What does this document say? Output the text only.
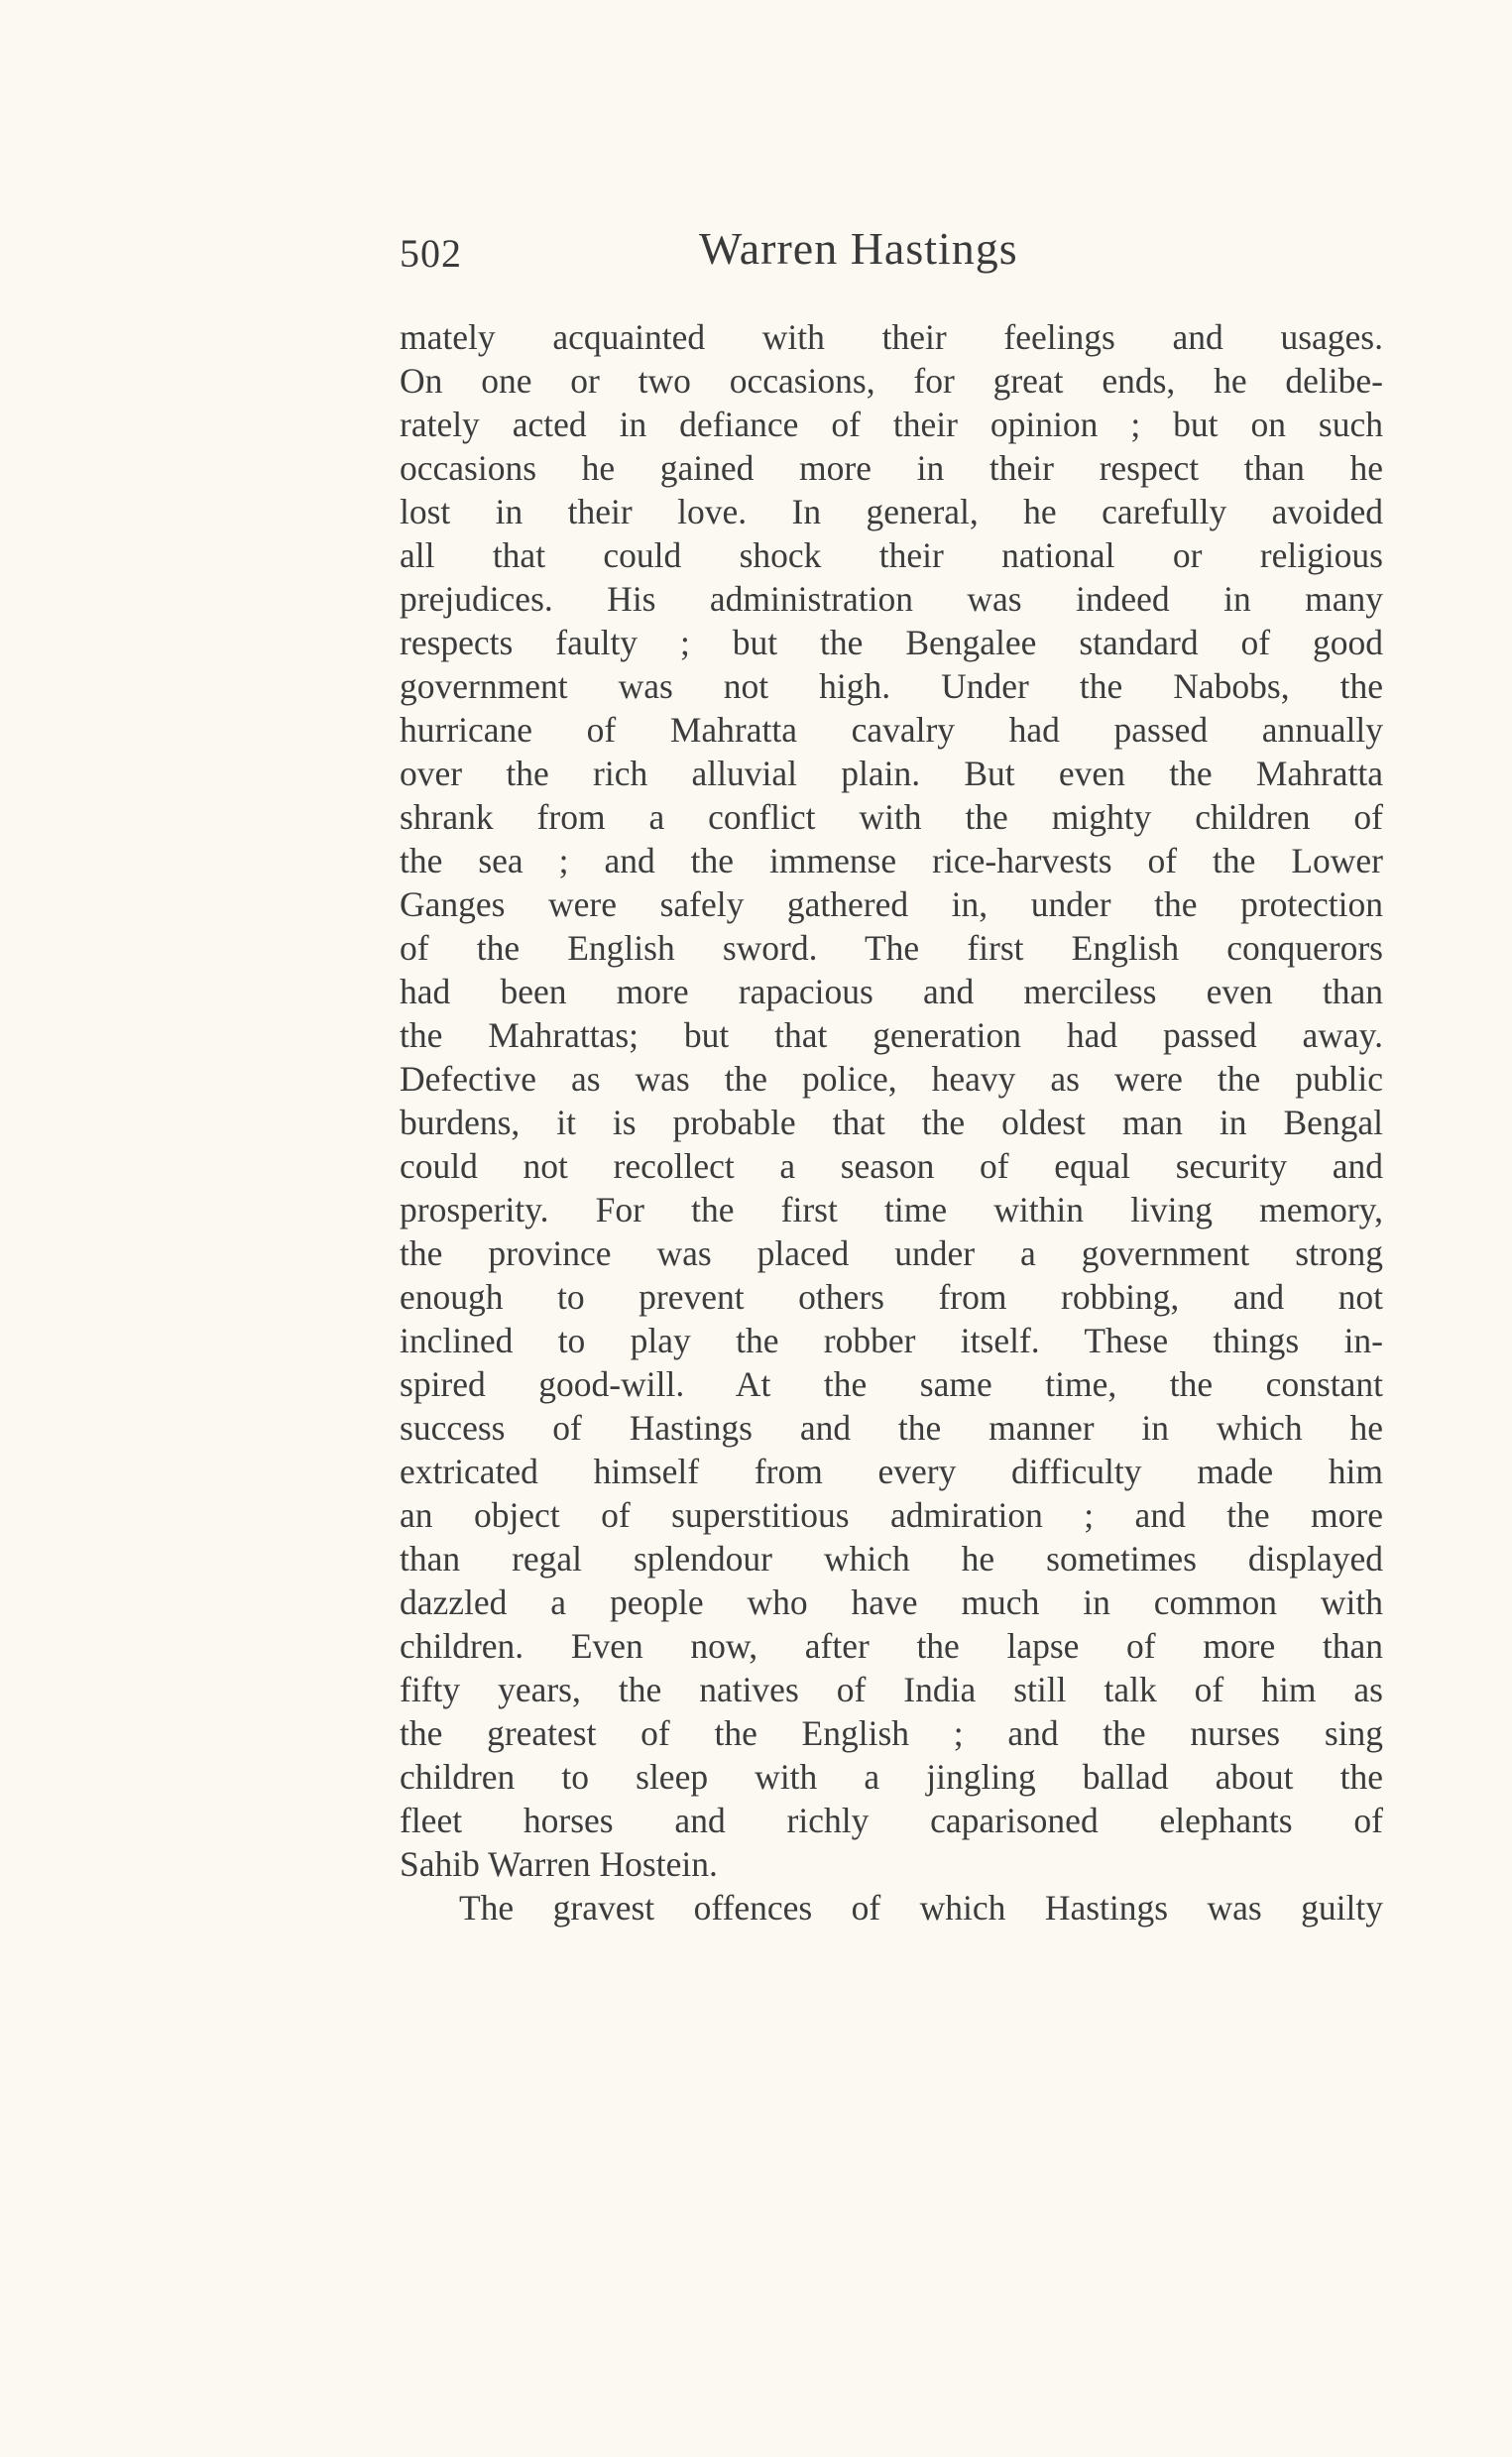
502	Warren Hastings
mately acquainted with their feelings and usages.
On one or two occasions, for great ends, he delibe-
rately acted in defiance of their opinion ; but on such
occasions he gained more in their respect than he
lost in their love. In general, he carefully avoided
all that could shock their national or religious
prejudices. His administration was indeed in many
respects faulty ; but the Bengalee standard of good
government was not high. Under the Nabobs, the
hurricane of Mahratta cavalry had passed annually
over the rich alluvial plain. But even the Mahratta
shrank from a conflict with the mighty children of
the sea ; and the immense rice-harvests of the Lower
Ganges were safely gathered in, under the protection
of the English sword. The first English conquerors
had been more rapacious and merciless even than
the Mahrattas; but that generation had passed away.
Defective as was the police, heavy as were the public
burdens, it is probable that the oldest man in Bengal
could not recollect a season of equal security and
prosperity. For the first time within living memory,
the province was placed under a government strong
enough to prevent others from robbing, and not
inclined to play the robber itself. These things in-
spired good-will. At the same time, the constant
success of Hastings and the manner in which he
extricated himself from every difficulty made him
an object of superstitious admiration ; and the more
than regal splendour which he sometimes displayed
dazzled a people who have much in common with
children. Even now, after the lapse of more than
fifty years, the natives of India still talk of him as
the greatest of the English ; and the nurses sing
children to sleep with a jingling ballad about the
fleet horses and richly caparisoned elephants of
Sahib Warren Hostein.
The gravest offences of which Hastings was guilty
